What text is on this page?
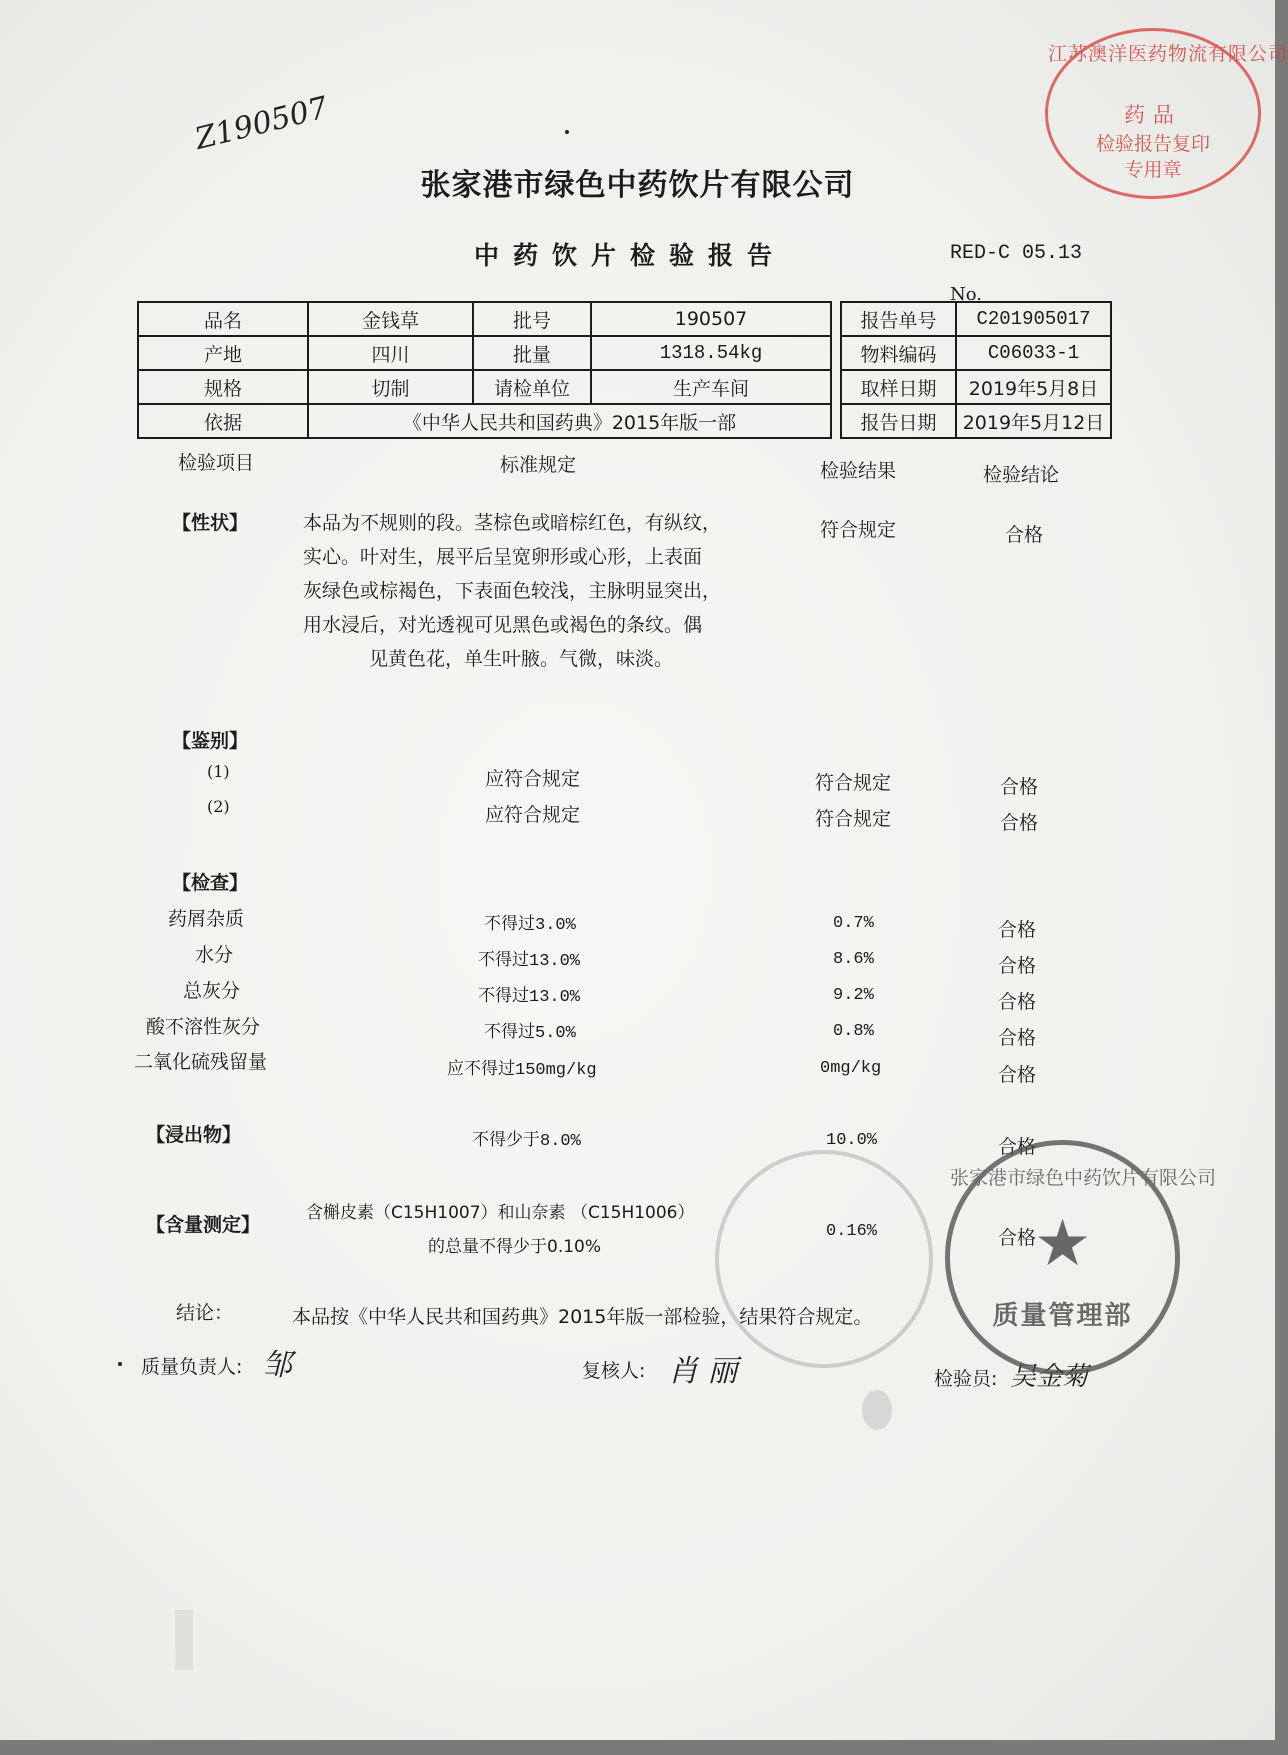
Z190507
张家港市绿色中药饮片有限公司
中药饮片检验报告	RED-C 05.13
No.
品名	金钱草	批号	190507		报告单号	C201905017
产地	四川	批量	1318.54kg		物料编码	C06033-1
规格	切制	请检单位	生产车间		取样日期	2019年5月8日
依据	《中华人民共和国药典》2015年版一部				报告日期	2019年5月12日
检验项目	标准规定	检验结果	检验结论
【性状】	本品为不规则的段。茎棕色或暗棕红色，有纵纹，
实心。叶对生，展平后呈宽卵形或心形，上表面
灰绿色或棕褐色，下表面色较浅，主脉明显突出，
用水浸后，对光透视可见黑色或褐色的条纹。偶
见黄色花，单生叶腋。气微，味淡。
符合规定	合格
【鉴别】
(1)	应符合规定	符合规定	合格
(2)	应符合规定	符合规定	合格
【检查】
药屑杂质	不得过3.0%	0.7%	合格
水分	不得过13.0%	8.6%	合格
总灰分	不得过13.0%	9.2%	合格
酸不溶性灰分	不得过5.0%	0.8%	合格
二氧化硫残留量	应不得过150mg/kg	0mg/kg	合格
【浸出物】	不得少于8.0%	10.0%	合格
【含量测定】
含槲皮素（C15H1007）和山奈素 （C15H1006）
的总量不得少于0.10%
0.16%	合格
结论：	本品按《中华人民共和国药典》2015年版一部检验，结果符合规定。
质量负责人: 邹	复核人: 肖 丽	检验员: 吴金菊
张家港市绿色中药饮片有限公司
★
质量管理部
江苏澳洋医药物流有限公司
药品
检验报告复印
专用章
